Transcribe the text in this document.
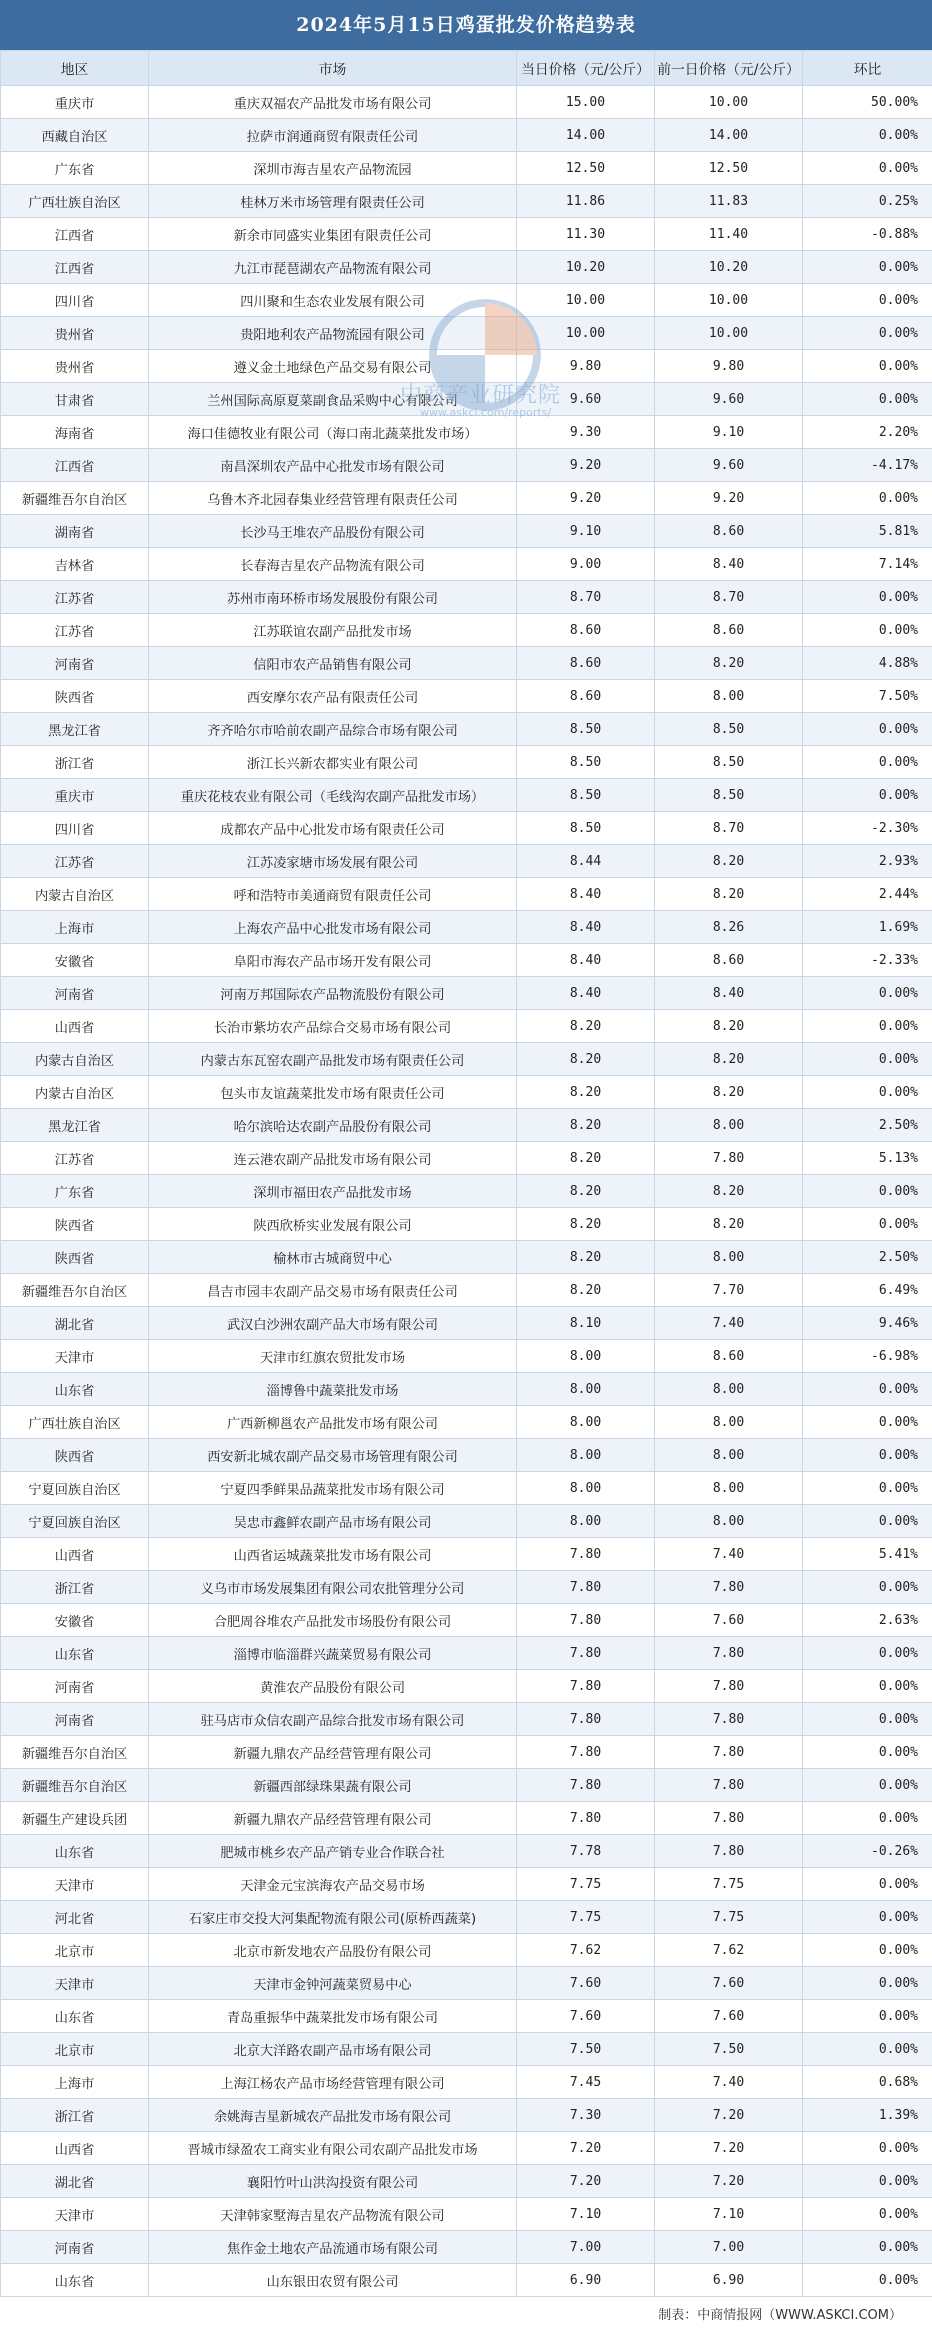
2024年5月15日鸡蛋批发价格趋势表
地区	市场	当日价格（元/公斤）	前一日价格（元/公斤）	环比
重庆市	重庆双福农产品批发市场有限公司	15.00	10.00	50.00%
西藏自治区	拉萨市润通商贸有限责任公司	14.00	14.00	0.00%
广东省	深圳市海吉星农产品物流园	12.50	12.50	0.00%
广西壮族自治区	桂林万米市场管理有限责任公司	11.86	11.83	0.25%
江西省	新余市同盛实业集团有限责任公司	11.30	11.40	-0.88%
江西省	九江市琵琶湖农产品物流有限公司	10.20	10.20	0.00%
四川省	四川聚和生态农业发展有限公司	10.00	10.00	0.00%
贵州省	贵阳地利农产品物流园有限公司	10.00	10.00	0.00%
贵州省	遵义金土地绿色产品交易有限公司	9.80	9.80	0.00%
甘肃省	兰州国际高原夏菜副食品采购中心有限公司	9.60	9.60	0.00%
海南省	海口佳德牧业有限公司（海口南北蔬菜批发市场）	9.30	9.10	2.20%
江西省	南昌深圳农产品中心批发市场有限公司	9.20	9.60	-4.17%
新疆维吾尔自治区	乌鲁木齐北园春集业经营管理有限责任公司	9.20	9.20	0.00%
湖南省	长沙马王堆农产品股份有限公司	9.10	8.60	5.81%
吉林省	长春海吉星农产品物流有限公司	9.00	8.40	7.14%
江苏省	苏州市南环桥市场发展股份有限公司	8.70	8.70	0.00%
江苏省	江苏联谊农副产品批发市场	8.60	8.60	0.00%
河南省	信阳市农产品销售有限公司	8.60	8.20	4.88%
陕西省	西安摩尔农产品有限责任公司	8.60	8.00	7.50%
黑龙江省	齐齐哈尔市哈前农副产品综合市场有限公司	8.50	8.50	0.00%
浙江省	浙江长兴新农都实业有限公司	8.50	8.50	0.00%
重庆市	重庆花枝农业有限公司（毛线沟农副产品批发市场）	8.50	8.50	0.00%
四川省	成都农产品中心批发市场有限责任公司	8.50	8.70	-2.30%
江苏省	江苏凌家塘市场发展有限公司	8.44	8.20	2.93%
内蒙古自治区	呼和浩特市美通商贸有限责任公司	8.40	8.20	2.44%
上海市	上海农产品中心批发市场有限公司	8.40	8.26	1.69%
安徽省	阜阳市海农产品市场开发有限公司	8.40	8.60	-2.33%
河南省	河南万邦国际农产品物流股份有限公司	8.40	8.40	0.00%
山西省	长治市紫坊农产品综合交易市场有限公司	8.20	8.20	0.00%
内蒙古自治区	内蒙古东瓦窑农副产品批发市场有限责任公司	8.20	8.20	0.00%
内蒙古自治区	包头市友谊蔬菜批发市场有限责任公司	8.20	8.20	0.00%
黑龙江省	哈尔滨哈达农副产品股份有限公司	8.20	8.00	2.50%
江苏省	连云港农副产品批发市场有限公司	8.20	7.80	5.13%
广东省	深圳市福田农产品批发市场	8.20	8.20	0.00%
陕西省	陕西欣桥实业发展有限公司	8.20	8.20	0.00%
陕西省	榆林市古城商贸中心	8.20	8.00	2.50%
新疆维吾尔自治区	昌吉市园丰农副产品交易市场有限责任公司	8.20	7.70	6.49%
湖北省	武汉白沙洲农副产品大市场有限公司	8.10	7.40	9.46%
天津市	天津市红旗农贸批发市场	8.00	8.60	-6.98%
山东省	淄博鲁中蔬菜批发市场	8.00	8.00	0.00%
广西壮族自治区	广西新柳邕农产品批发市场有限公司	8.00	8.00	0.00%
陕西省	西安新北城农副产品交易市场管理有限公司	8.00	8.00	0.00%
宁夏回族自治区	宁夏四季鲜果品蔬菜批发市场有限公司	8.00	8.00	0.00%
宁夏回族自治区	吴忠市鑫鲜农副产品市场有限公司	8.00	8.00	0.00%
山西省	山西省运城蔬菜批发市场有限公司	7.80	7.40	5.41%
浙江省	义乌市市场发展集团有限公司农批管理分公司	7.80	7.80	0.00%
安徽省	合肥周谷堆农产品批发市场股份有限公司	7.80	7.60	2.63%
山东省	淄博市临淄群兴蔬菜贸易有限公司	7.80	7.80	0.00%
河南省	黄淮农产品股份有限公司	7.80	7.80	0.00%
河南省	驻马店市众信农副产品综合批发市场有限公司	7.80	7.80	0.00%
新疆维吾尔自治区	新疆九鼎农产品经营管理有限公司	7.80	7.80	0.00%
新疆维吾尔自治区	新疆西部绿珠果蔬有限公司	7.80	7.80	0.00%
新疆生产建设兵团	新疆九鼎农产品经营管理有限公司	7.80	7.80	0.00%
山东省	肥城市桃乡农产品产销专业合作联合社	7.78	7.80	-0.26%
天津市	天津金元宝滨海农产品交易市场	7.75	7.75	0.00%
河北省	石家庄市交投大河集配物流有限公司(原桥西蔬菜)	7.75	7.75	0.00%
北京市	北京市新发地农产品股份有限公司	7.62	7.62	0.00%
天津市	天津市金钟河蔬菜贸易中心	7.60	7.60	0.00%
山东省	青岛重振华中蔬菜批发市场有限公司	7.60	7.60	0.00%
北京市	北京大洋路农副产品市场有限公司	7.50	7.50	0.00%
上海市	上海江杨农产品市场经营管理有限公司	7.45	7.40	0.68%
浙江省	余姚海吉星新城农产品批发市场有限公司	7.30	7.20	1.39%
山西省	晋城市绿盈农工商实业有限公司农副产品批发市场	7.20	7.20	0.00%
湖北省	襄阳竹叶山洪沟投资有限公司	7.20	7.20	0.00%
天津市	天津韩家墅海吉星农产品物流有限公司	7.10	7.10	0.00%
河南省	焦作金土地农产品流通市场有限公司	7.00	7.00	0.00%
山东省	山东银田农贸有限公司	6.90	6.90	0.00%
中商产业研究院
www.askci.com/reports/
制表：中商情报网（WWW.ASKCI.COM）
